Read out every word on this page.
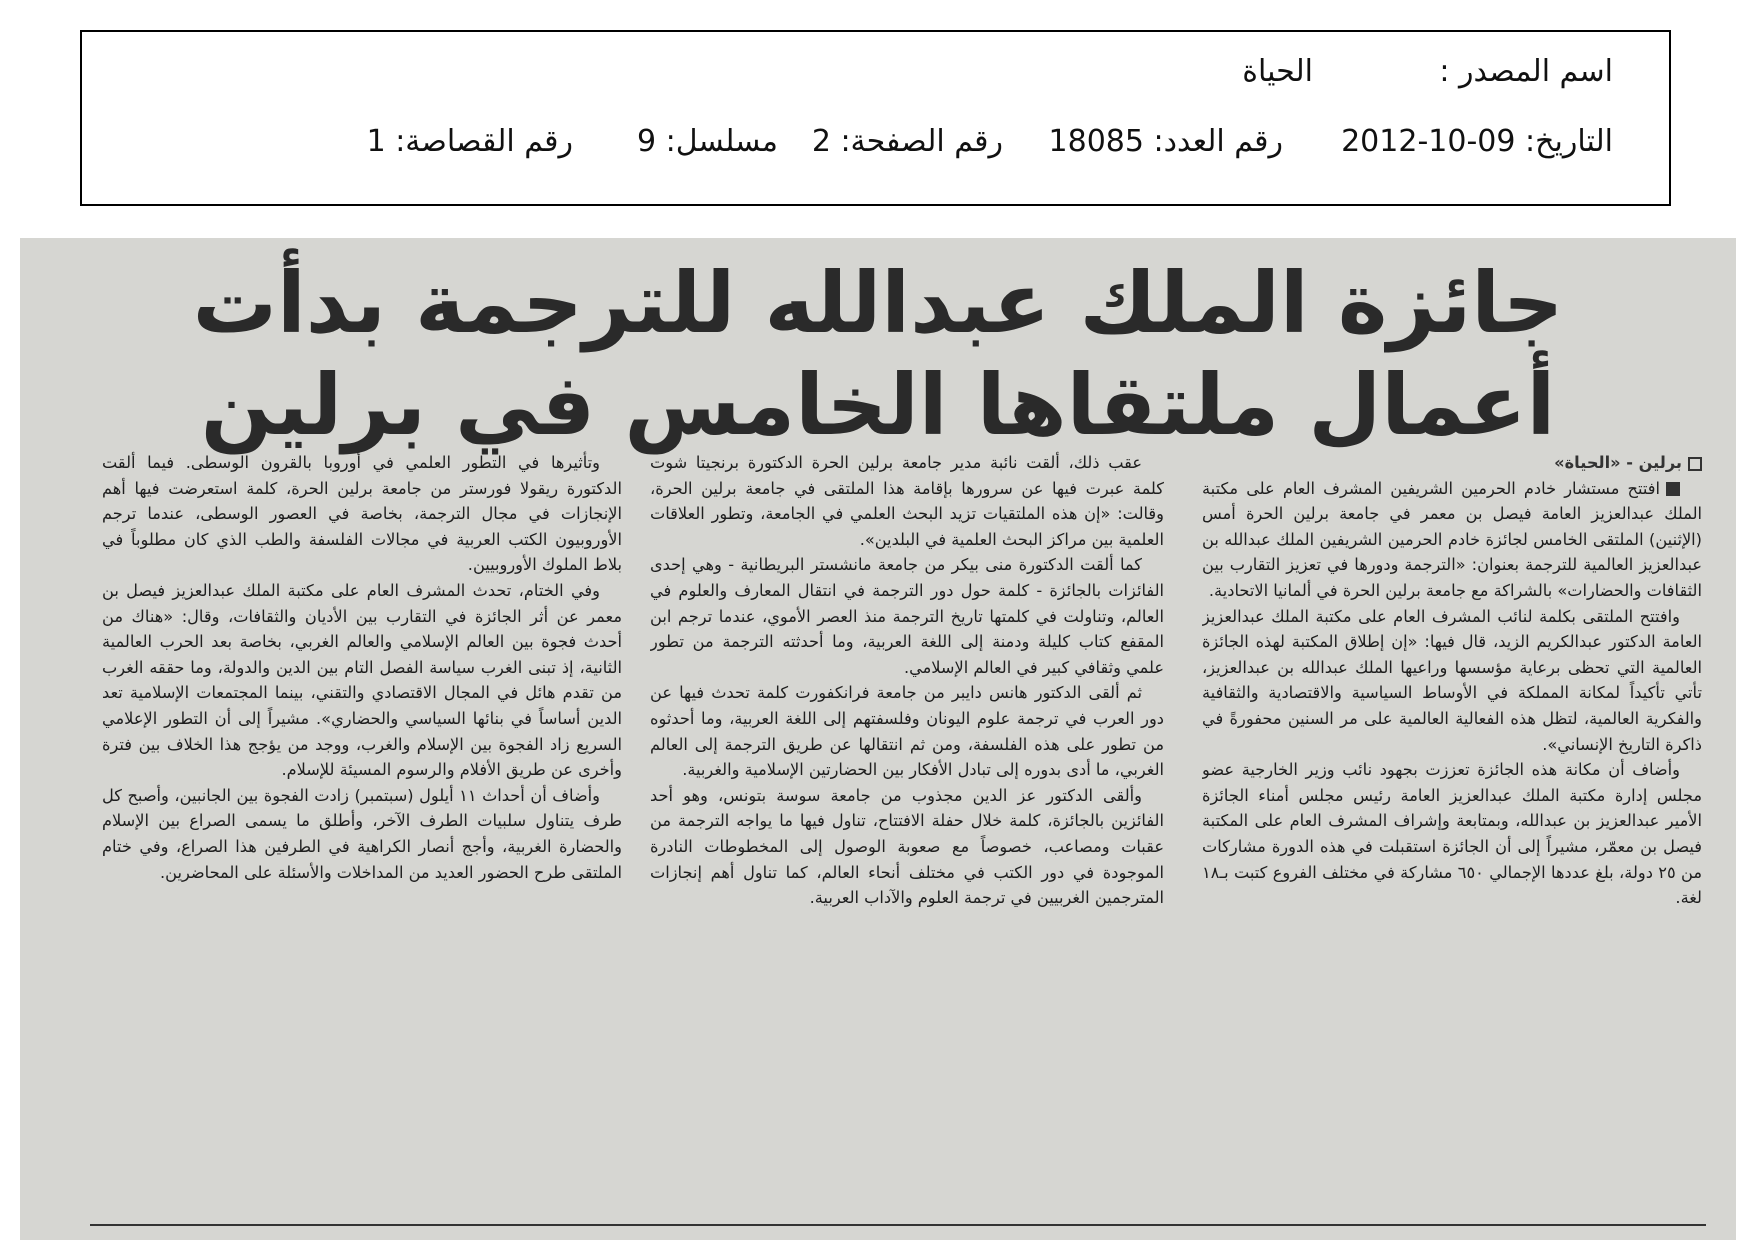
اسم المصدر :
الحياة
التاريخ: 09-10-2012
رقم العدد: 18085
رقم الصفحة: 2
مسلسل: 9
رقم القصاصة: 1
جائزة الملك عبدالله للترجمة بدأت
أعمال ملتقاها الخامس في برلين

برلين - «الحياة»

افتتح مستشار خادم الحرمين الشريفين المشرف العام على مكتبة الملك عبدالعزيز العامة فيصل بن معمر في جامعة برلين الحرة أمس (الإثنين) الملتقى الخامس لجائزة خادم الحرمين الشريفين الملك عبدالله بن عبدالعزيز العالمية للترجمة بعنوان: «الترجمة ودورها في تعزيز التقارب بين الثقافات والحضارات» بالشراكة مع جامعة برلين الحرة في ألمانيا الاتحادية.

وافتتح الملتقى بكلمة لنائب المشرف العام على مكتبة الملك عبدالعزيز العامة الدكتور عبدالكريم الزيد، قال فيها: «إن إطلاق المكتبة لهذه الجائزة العالمية التي تحظى برعاية مؤسسها وراعيها الملك عبدالله بن عبدالعزيز، تأتي تأكيداً لمكانة المملكة في الأوساط السياسية والاقتصادية والثقافية والفكرية العالمية، لتظل هذه الفعالية العالمية على مر السنين محفورةً في ذاكرة التاريخ الإنساني».

وأضاف أن مكانة هذه الجائزة تعززت بجهود نائب وزير الخارجية عضو مجلس إدارة مكتبة الملك عبدالعزيز العامة رئيس مجلس أمناء الجائزة الأمير عبدالعزيز بن عبدالله، وبمتابعة وإشراف المشرف العام على المكتبة فيصل بن معمّر، مشيراً إلى أن الجائزة استقبلت في هذه الدورة مشاركات من ٢٥ دولة، بلغ عددها الإجمالي ٦٥٠ مشاركة في مختلف الفروع كتبت بـ١٨ لغة.

عقب ذلك، ألقت نائبة مدير جامعة برلين الحرة الدكتورة برنجيتا شوت كلمة عبرت فيها عن سرورها بإقامة هذا الملتقى في جامعة برلين الحرة، وقالت: «إن هذه الملتقيات تزيد البحث العلمي في الجامعة، وتطور العلاقات العلمية بين مراكز البحث العلمية في البلدين».

كما ألقت الدكتورة منى بيكر من جامعة مانشستر البريطانية - وهي إحدى الفائزات بالجائزة - كلمة حول دور الترجمة في انتقال المعارف والعلوم في العالم، وتناولت في كلمتها تاريخ الترجمة منذ العصر الأموي، عندما ترجم ابن المقفع كتاب كليلة ودمنة إلى اللغة العربية، وما أحدثته الترجمة من تطور علمي وثقافي كبير في العالم الإسلامي.

ثم ألقى الدكتور هانس دايبر من جامعة فرانكفورت كلمة تحدث فيها عن دور العرب في ترجمة علوم اليونان وفلسفتهم إلى اللغة العربية، وما أحدثوه من تطور على هذه الفلسفة، ومن ثم انتقالها عن طريق الترجمة إلى العالم الغربي، ما أدى بدوره إلى تبادل الأفكار بين الحضارتين الإسلامية والغربية.

وألقى الدكتور عز الدين مجذوب من جامعة سوسة بتونس، وهو أحد الفائزين بالجائزة، كلمة خلال حفلة الافتتاح، تناول فيها ما يواجه الترجمة من عقبات ومصاعب، خصوصاً مع صعوبة الوصول إلى المخطوطات النادرة الموجودة في دور الكتب في مختلف أنحاء العالم، كما تناول أهم إنجازات المترجمين الغربيين في ترجمة العلوم والآداب العربية.

وتأثيرها في التطور العلمي في أوروبا بالقرون الوسطى. فيما ألقت الدكتورة ريقولا فورستر من جامعة برلين الحرة، كلمة استعرضت فيها أهم الإنجازات في مجال الترجمة، بخاصة في العصور الوسطى، عندما ترجم الأوروبيون الكتب العربية في مجالات الفلسفة والطب الذي كان مطلوباً في بلاط الملوك الأوروبيين.

وفي الختام، تحدث المشرف العام على مكتبة الملك عبدالعزيز فيصل بن معمر عن أثر الجائزة في التقارب بين الأديان والثقافات، وقال: «هناك من أحدث فجوة بين العالم الإسلامي والعالم الغربي، بخاصة بعد الحرب العالمية الثانية، إذ تبنى الغرب سياسة الفصل التام بين الدين والدولة، وما حققه الغرب من تقدم هائل في المجال الاقتصادي والتقني، بينما المجتمعات الإسلامية تعد الدين أساساً في بنائها السياسي والحضاري». مشيراً إلى أن التطور الإعلامي السريع زاد الفجوة بين الإسلام والغرب، ووجد من يؤجج هذا الخلاف بين فترة وأخرى عن طريق الأفلام والرسوم المسيئة للإسلام.

وأضاف أن أحداث ١١ أيلول (سبتمبر) زادت الفجوة بين الجانبين، وأصبح كل طرف يتناول سلبيات الطرف الآخر، وأطلق ما يسمى الصراع بين الإسلام والحضارة الغربية، وأجج أنصار الكراهية في الطرفين هذا الصراع، وفي ختام الملتقى طرح الحضور العديد من المداخلات والأسئلة على المحاضرين.
